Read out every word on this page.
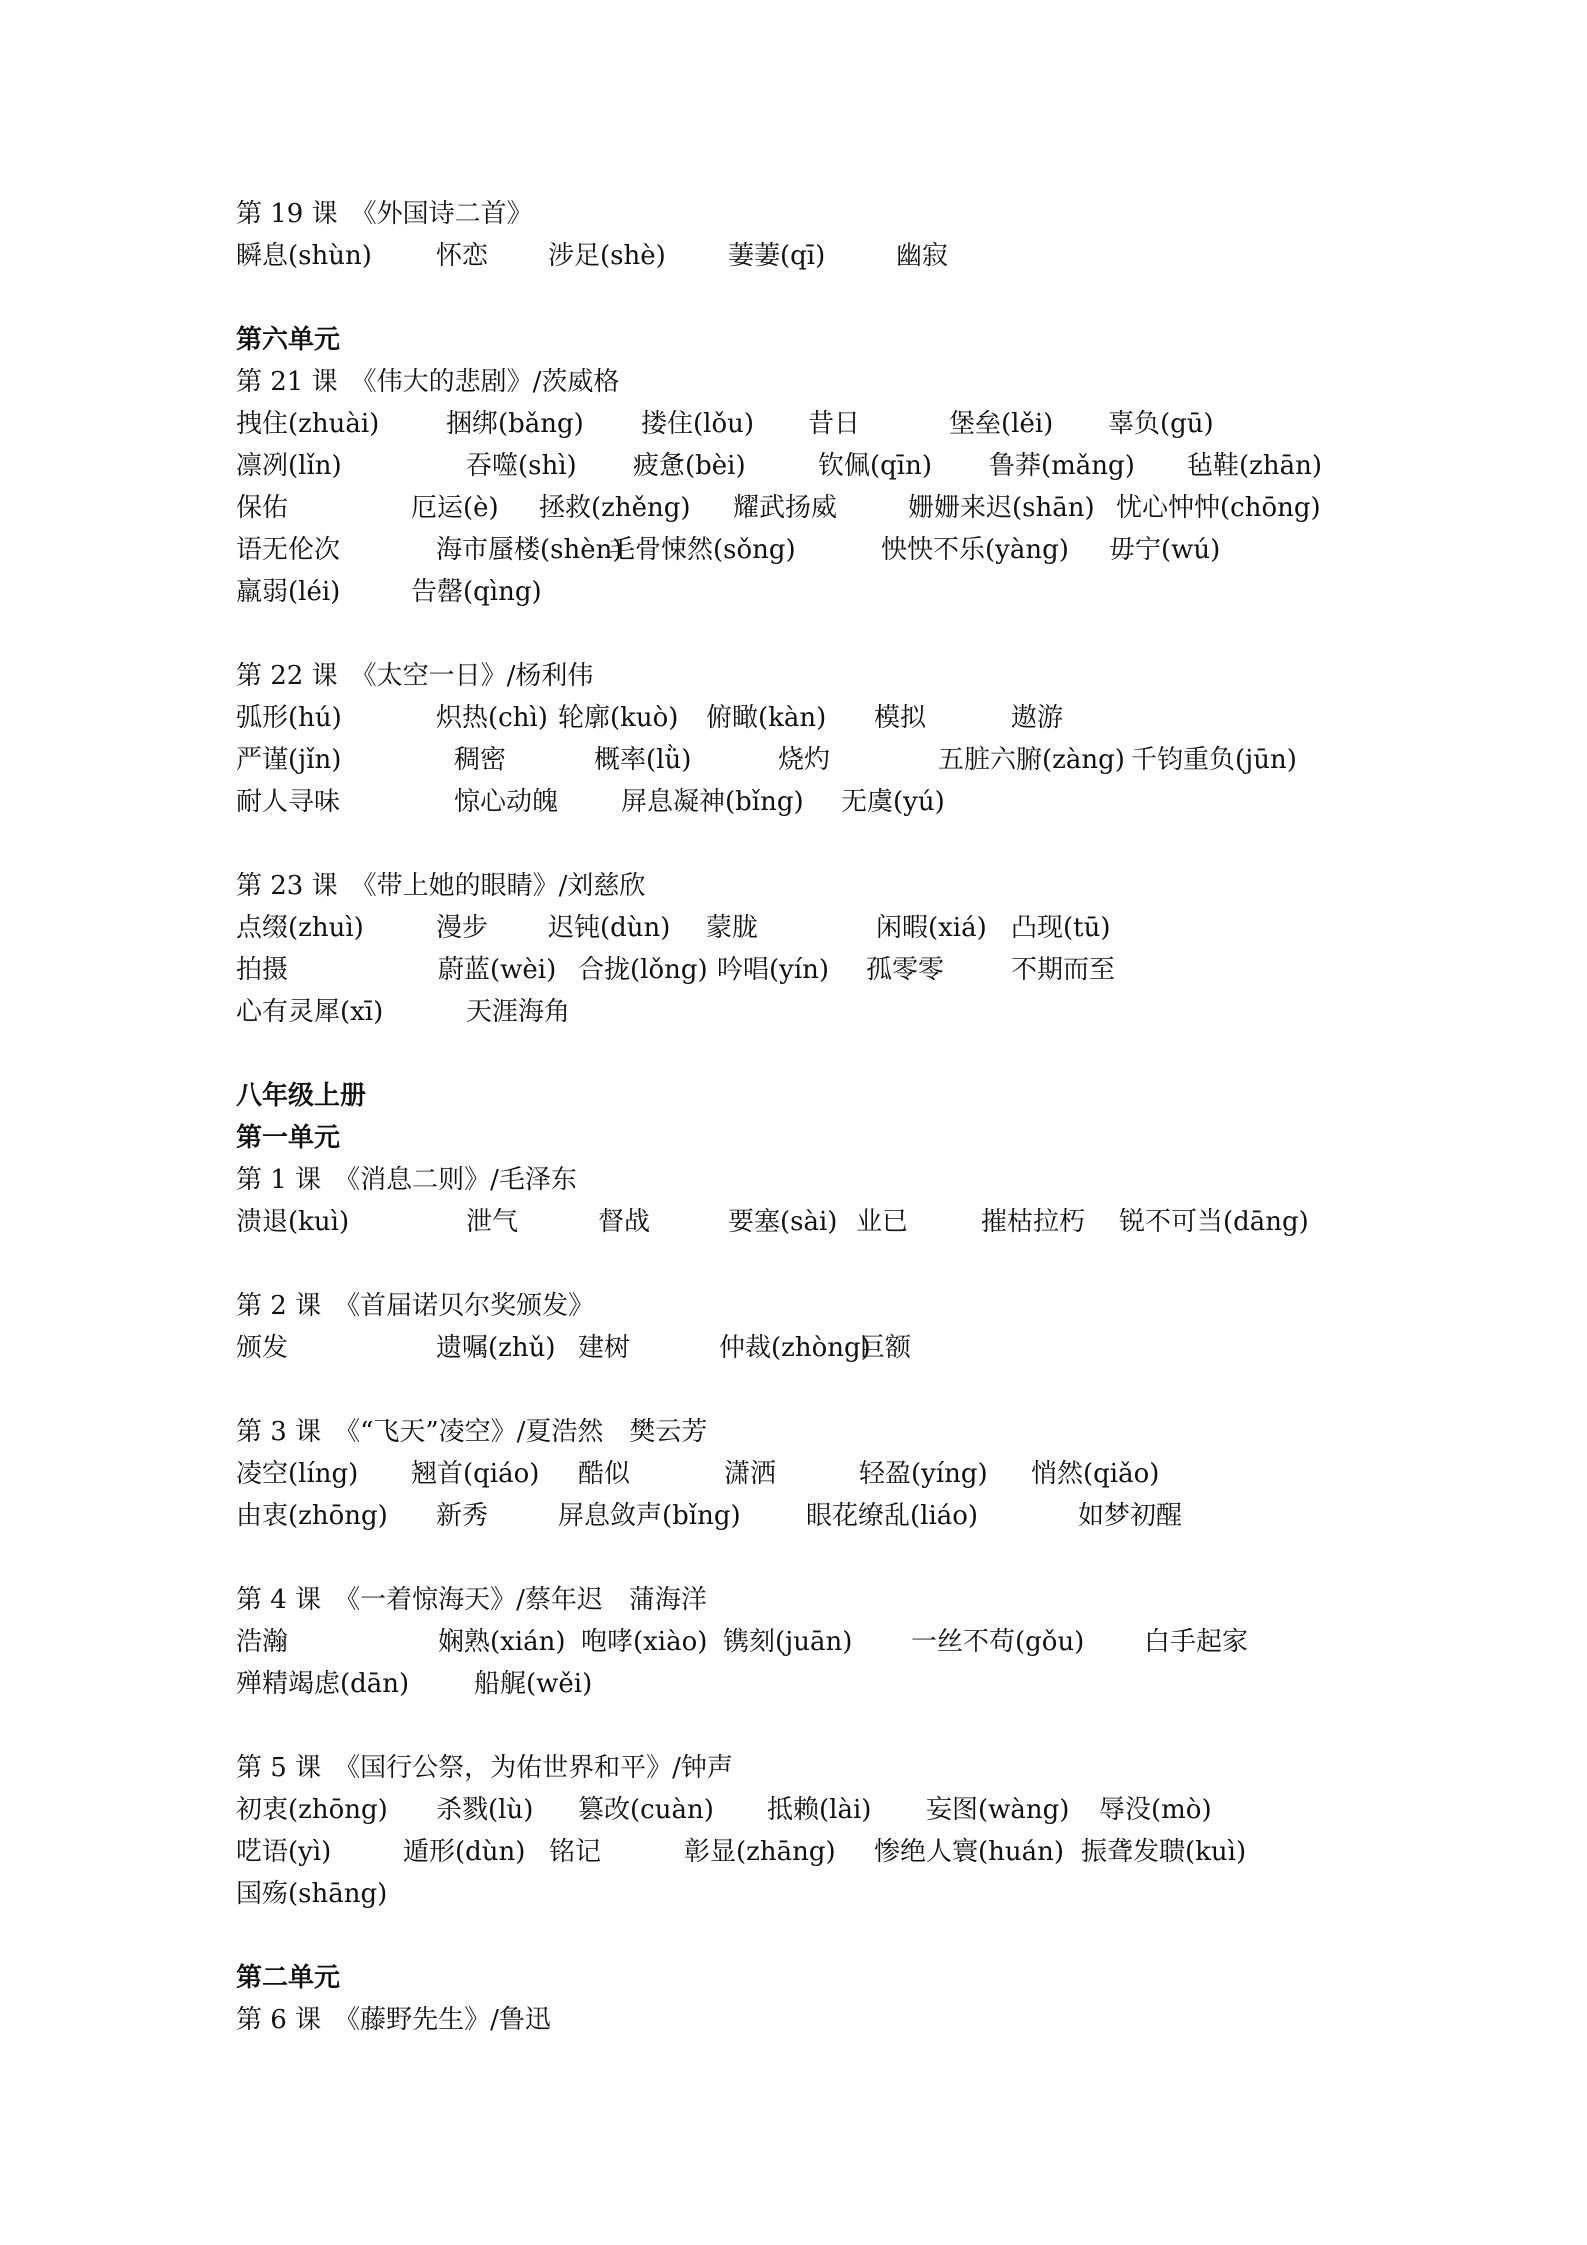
第 19 课　《外国诗二首》
瞬息(shùn) 怀恋 涉足(shè) 萋萋(qī)	幽寂
第六单元
第 21 课　《伟大的悲剧》/茨威格
拽住(zhuài)	捆绑(bǎng) 搂住(lǒu) 昔日	堡垒(lěi) 辜负(gū)
凛冽(lǐn)	吞噬(shì) 疲惫(bèi)	钦佩(qīn) 鲁莽(mǎng) 毡鞋(zhān)
保佑	厄运(è) 拯救(zhěng) 耀武扬威	姗姗来迟(shān) 忧心忡忡(chōng)
语无伦次	海市蜃楼(shèn)
毛骨悚然(sǒng)	怏怏不乐(yàng) 毋宁(wú)
羸弱(léi)	告罄(qìng)
第 22 课　《太空一日》/杨利伟
弧形(hú)	炽热(chì) 轮廓(kuò) 俯瞰(kàn) 模拟	遨游
严谨(jǐn)	稠密	概率(lǜ)	烧灼	五脏六腑(zàng) 千钧重负(jūn)
耐人寻味	惊心动魄 屏息凝神(bǐng) 无虞(yú)
第 23 课　《带上她的眼睛》/刘慈欣
点缀(zhuì)	漫步 迟钝(dùn) 蒙胧	闲暇(xiá) 凸现(tū)
拍摄	蔚蓝(wèi) 合拢(lǒng) 吟唱(yín) 孤零零	不期而至
心有灵犀(xī)	天涯海角
八年级上册
第一单元
第 1 课　《消息二则》/毛泽东
溃退(kuì)	泄气	督战	要塞(sài) 业已	摧枯拉朽 锐不可当(dāng)
第 2 课　《首届诺贝尔奖颁发》
颁发	遗嘱(zhǔ) 建树	仲裁(zhòng)
巨额
第 3 课　《“飞天”凌空》/夏浩然　樊云芳
凌空(líng) 翘首(qiáo) 酷似	潇洒	轻盈(yíng) 悄然(qiǎo)
由衷(zhōng) 新秀	屏息敛声(bǐng)	眼花缭乱(liáo)	如梦初醒
第 4 课　《一着惊海天》/蔡年迟　蒲海洋
浩瀚	娴熟(xián) 咆哮(xiào) 镌刻(juān) 一丝不苟(gǒu) 白手起家
殚精竭虑(dān) 船艉(wěi)
第 5 课　《国行公祭，为佑世界和平》/钟声
初衷(zhōng) 杀戮(lù) 篡改(cuàn) 抵赖(lài) 妄图(wàng) 辱没(mò)
呓语(yì)	遁形(dùn) 铭记	彰显(zhāng) 惨绝人寰(huán) 振聋发聩(kuì)
国殇(shāng)
第二单元
第 6 课　《藤野先生》/鲁迅
